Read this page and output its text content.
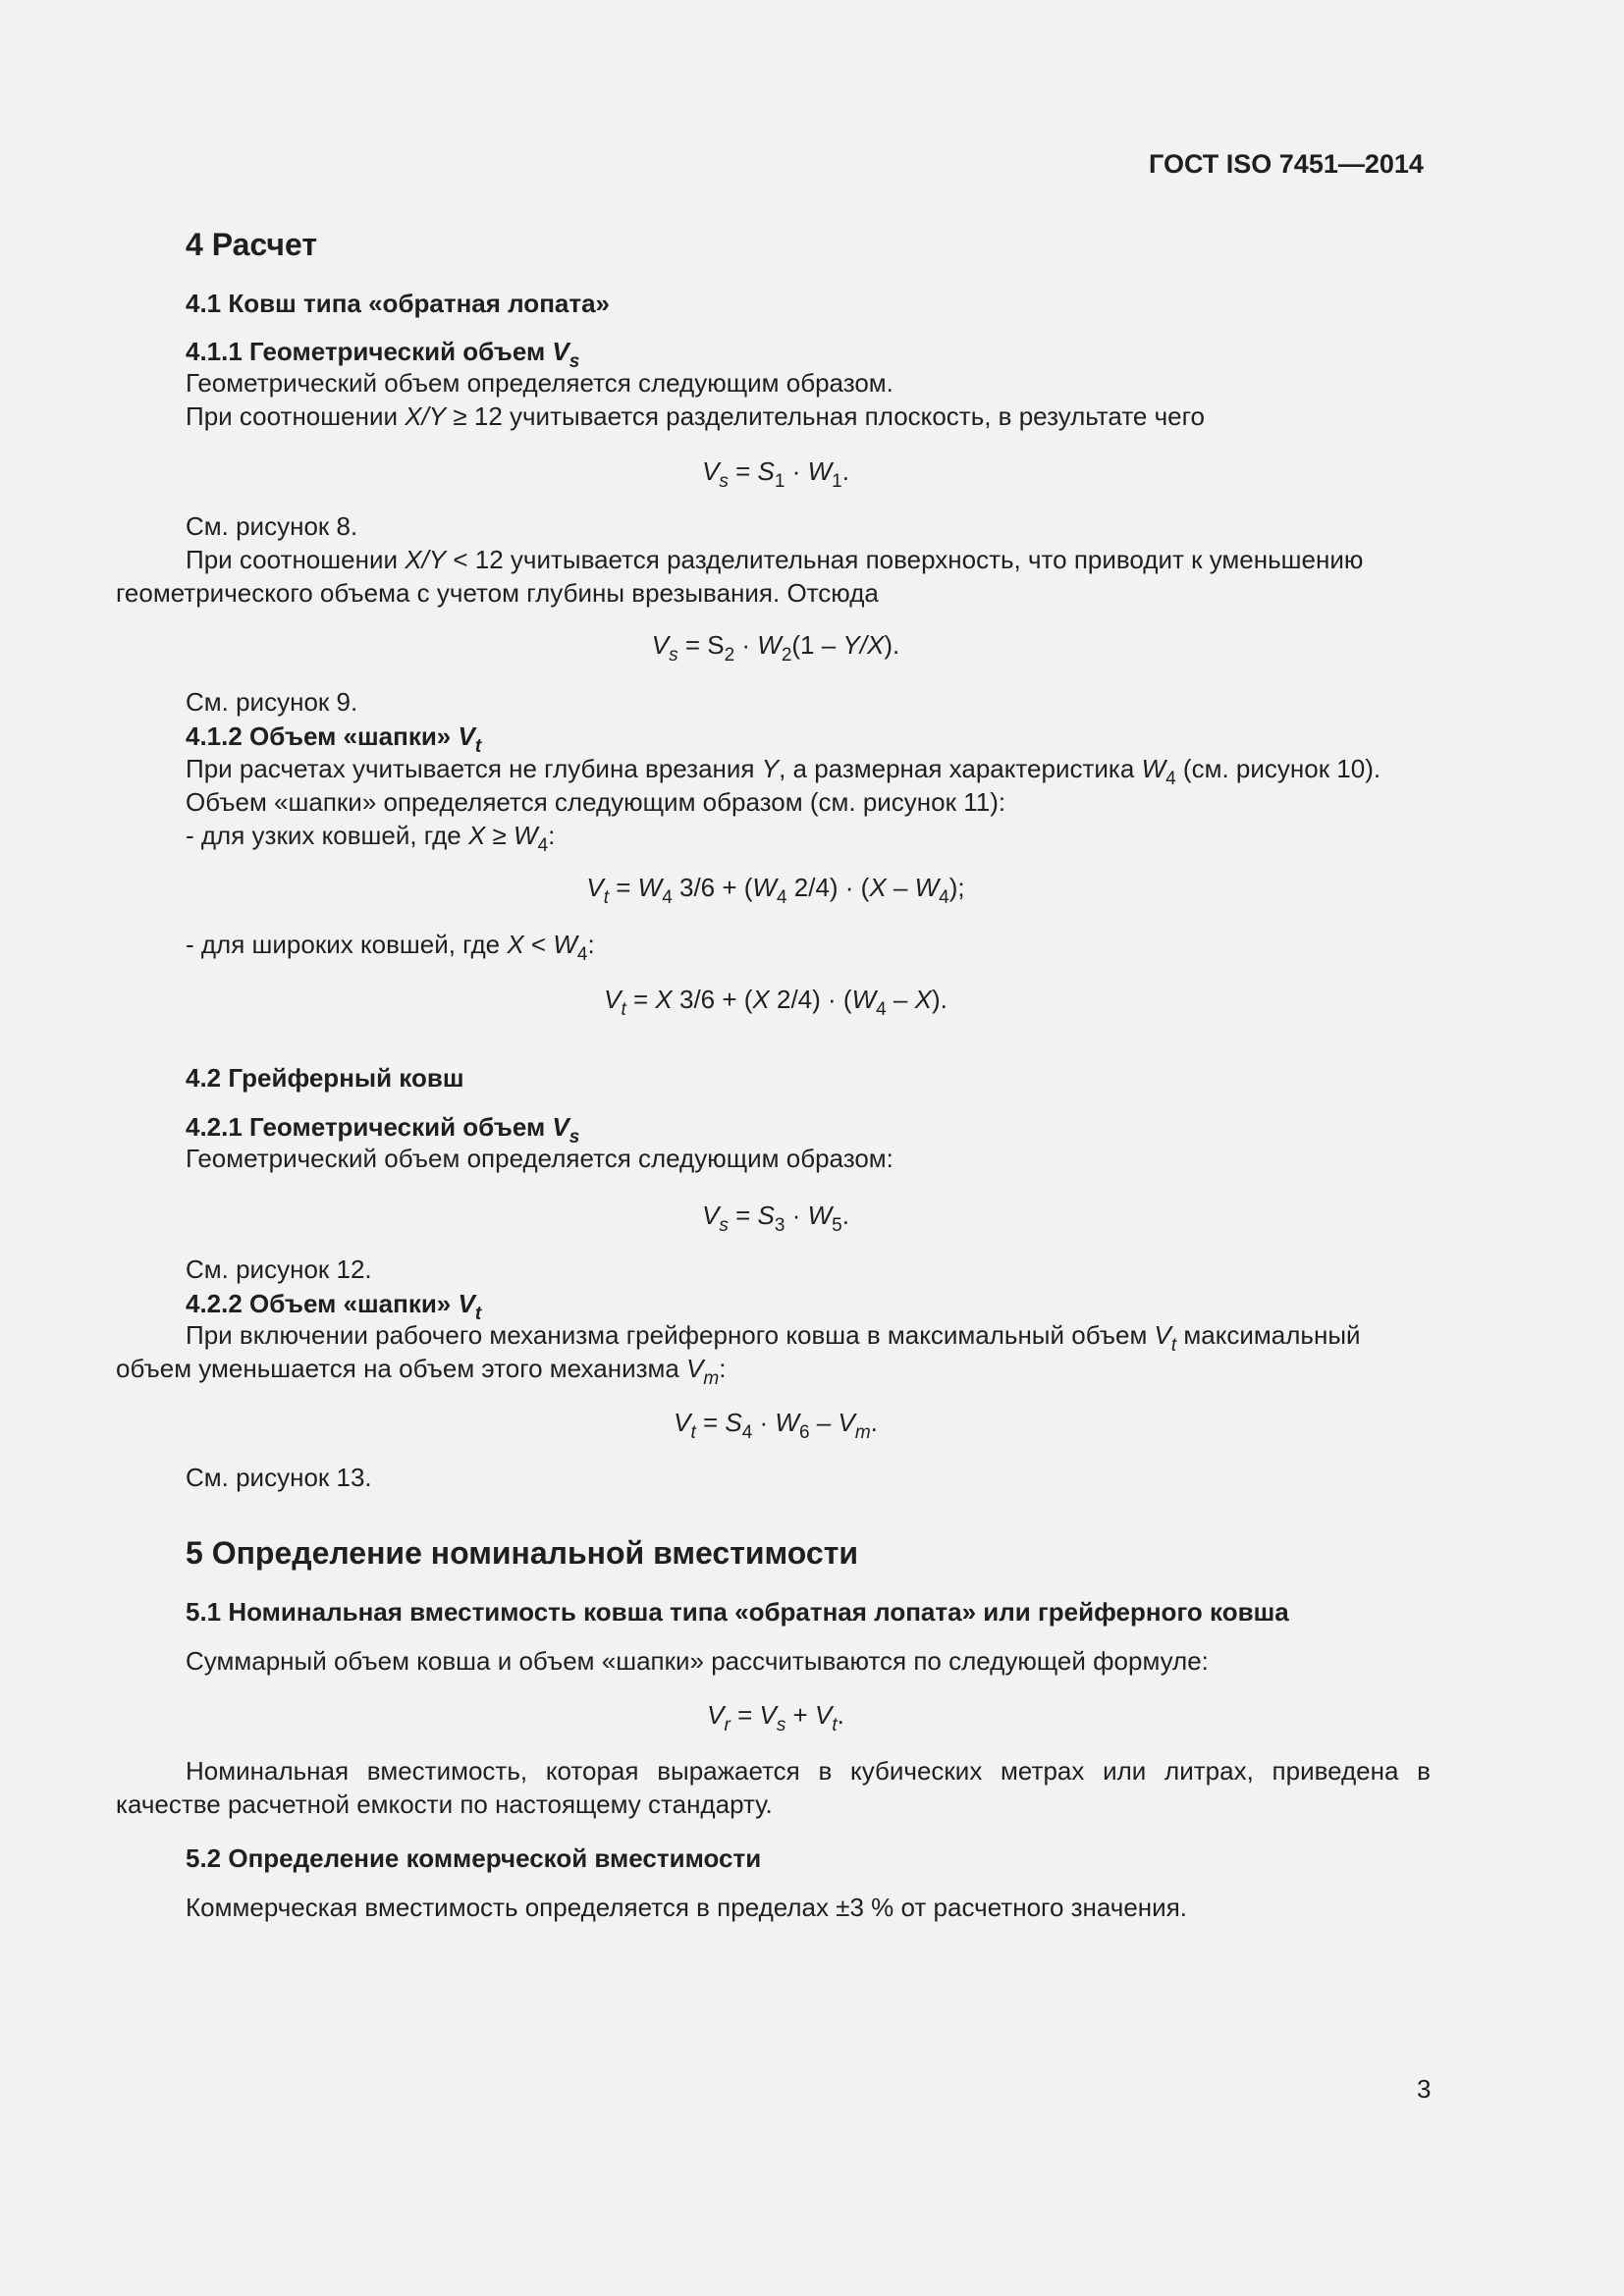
ГОСТ ISO 7451—2014
4 Расчет
4.1 Ковш типа «обратная лопата»
4.1.1 Геометрический объем $V_s$
Геометрический объем определяется следующим образом.
При соотношении X/Y ≥ 12 учитывается разделительная плоскость, в результате чего
$V_s = S_1 \cdot W_1$.
См. рисунок 8.
При соотношении X/Y < 12 учитывается разделительная поверхность, что приводит к уменьшению
геометрического объема с учетом глубины врезывания. Отсюда
$V_s = S_2 \cdot W_2(1 - Y/X)$.
См. рисунок 9.
4.1.2 Объем «шапки» $V_t$
При расчетах учитывается не глубина врезания Y, а размерная характеристика $W_4$ (см. рисунок 10).
Объем «шапки» определяется следующим образом (см. рисунок 11):
- для узких ковшей, где $X \ge W_4$:
$V_t = W_4$ $3/6 + (W_4$ $2/4) \cdot (X - W_4)$;
- для широких ковшей, где $X < W_4$:
$V_t = X$ 3/6 + (X $2/4) \cdot (W_4 - X)$.
4.2 Грейферный ковш
4.2.1 Геометрический объем $V_s$
Геометрический объем определяется следующим образом:
$V_s = S_3 \cdot W_5$.
См. рисунок 12.
4.2.2 Объем «шапки» $V_t$
При включении рабочего механизма грейферного ковша в максимальный объем $V_t$ максимальный
объем уменьшается на объем этого механизма $V_m$:
$V_t = S_4 \cdot W_6 - V_m$.
См. рисунок 13.
5 Определение номинальной вместимости
5.1 Номинальная вместимость ковша типа «обратная лопата» или грейферного ковша
Суммарный объем ковша и объем «шапки» рассчитываются по следующей формуле:
$V_r = V_s + V_t$.
Номинальная вместимость, которая выражается в кубических метрах или литрах, приведена в
качестве расчетной емкости по настоящему стандарту.
5.2 Определение коммерческой вместимости
Коммерческая вместимость определяется в пределах ±3 % от расчетного значения.
3
